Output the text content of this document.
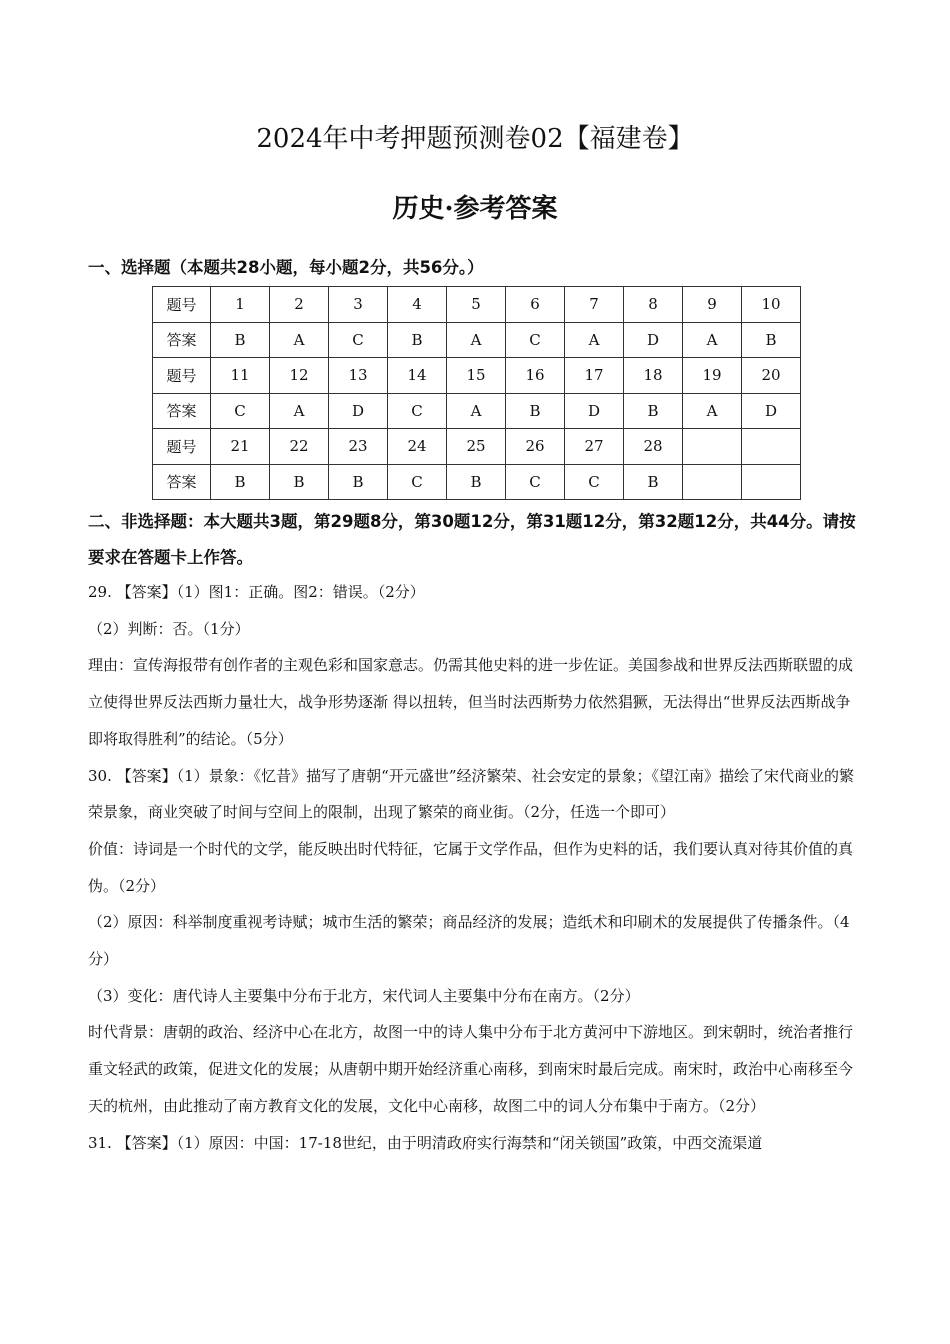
2024年中考押题预测卷02【福建卷】
历史·参考答案

一、选择题（本题共28小题，每小题2分，共56分。）

题号	1	2	3	4	5	6	7	8	9	10
答案	B	A	C	B	A	C	A	D	A	B
题号	11	12	13	14	15	16	17	18	19	20
答案	C	A	D	C	A	B	D	B	A	D
题号	21	22	23	24	25	26	27	28		
答案	B	B	B	C	B	C	C	B		

二、非选择题：本大题共3题，第29题8分，第30题12分，第31题12分，第32题12分，共44分。请按要求在答题卡上作答。

29. 【答案】（1）图1：正确。图2：错误。（2分）

（2）判断：否。（1分）

理由：宣传海报带有创作者的主观色彩和国家意志。仍需其他史料的进一步佐证。美国参战和世界反法西斯联盟的成立使得世界反法西斯力量壮大，战争形势逐渐 得以扭转，但当时法西斯势力依然猖獗，无法得出“世界反法西斯战争即将取得胜利”的结论。（5分）

30. 【答案】（1）景象：《忆昔》描写了唐朝“开元盛世”经济繁荣、社会安定的景象；《望江南》描绘了宋代商业的繁荣景象，商业突破了时间与空间上的限制，出现了繁荣的商业街。（2分，任选一个即可）

价值：诗词是一个时代的文学，能反映出时代特征，它属于文学作品，但作为史料的话，我们要认真对待其价值的真伪。（2分）

（2）原因：科举制度重视考诗赋；城市生活的繁荣；商品经济的发展；造纸术和印刷术的发展提供了传播条件。（4分）

（3）变化：唐代诗人主要集中分布于北方，宋代词人主要集中分布在南方。（2分）

时代背景：唐朝的政治、经济中心在北方，故图一中的诗人集中分布于北方黄河中下游地区。到宋朝时，统治者推行重文轻武的政策，促进文化的发展；从唐朝中期开始经济重心南移，到南宋时最后完成。南宋时，政治中心南移至今天的杭州，由此推动了南方教育文化的发展，文化中心南移，故图二中的词人分布集中于南方。（2分）

31. 【答案】（1）原因：中国：17-18世纪，由于明清政府实行海禁和“闭关锁国”政策，中西交流渠道
